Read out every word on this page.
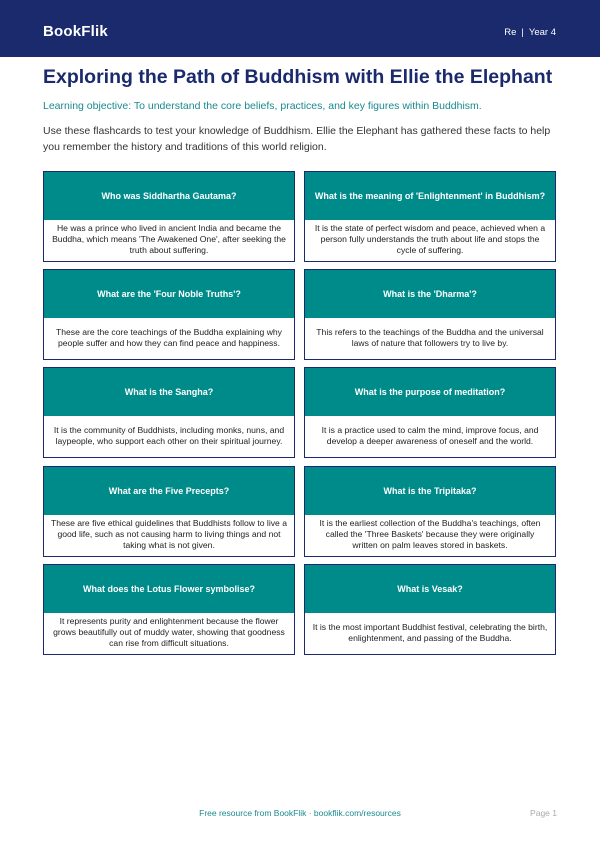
BookFlik	Re | Year 4
Exploring the Path of Buddhism with Ellie the Elephant
Learning objective: To understand the core beliefs, practices, and key figures within Buddhism.
Use these flashcards to test your knowledge of Buddhism. Ellie the Elephant has gathered these facts to help you remember the history and traditions of this world religion.
Who was Siddhartha Gautama?
He was a prince who lived in ancient India and became the Buddha, which means 'The Awakened One', after seeking the truth about suffering.
What is the meaning of 'Enlightenment' in Buddhism?
It is the state of perfect wisdom and peace, achieved when a person fully understands the truth about life and stops the cycle of suffering.
What are the 'Four Noble Truths'?
These are the core teachings of the Buddha explaining why people suffer and how they can find peace and happiness.
What is the 'Dharma'?
This refers to the teachings of the Buddha and the universal laws of nature that followers try to live by.
What is the Sangha?
It is the community of Buddhists, including monks, nuns, and laypeople, who support each other on their spiritual journey.
What is the purpose of meditation?
It is a practice used to calm the mind, improve focus, and develop a deeper awareness of oneself and the world.
What are the Five Precepts?
These are five ethical guidelines that Buddhists follow to live a good life, such as not causing harm to living things and not taking what is not given.
What is the Tripitaka?
It is the earliest collection of the Buddha's teachings, often called the 'Three Baskets' because they were originally written on palm leaves stored in baskets.
What does the Lotus Flower symbolise?
It represents purity and enlightenment because the flower grows beautifully out of muddy water, showing that goodness can rise from difficult situations.
What is Vesak?
It is the most important Buddhist festival, celebrating the birth, enlightenment, and passing of the Buddha.
Free resource from BookFlik · bookflik.com/resources	Page 1
